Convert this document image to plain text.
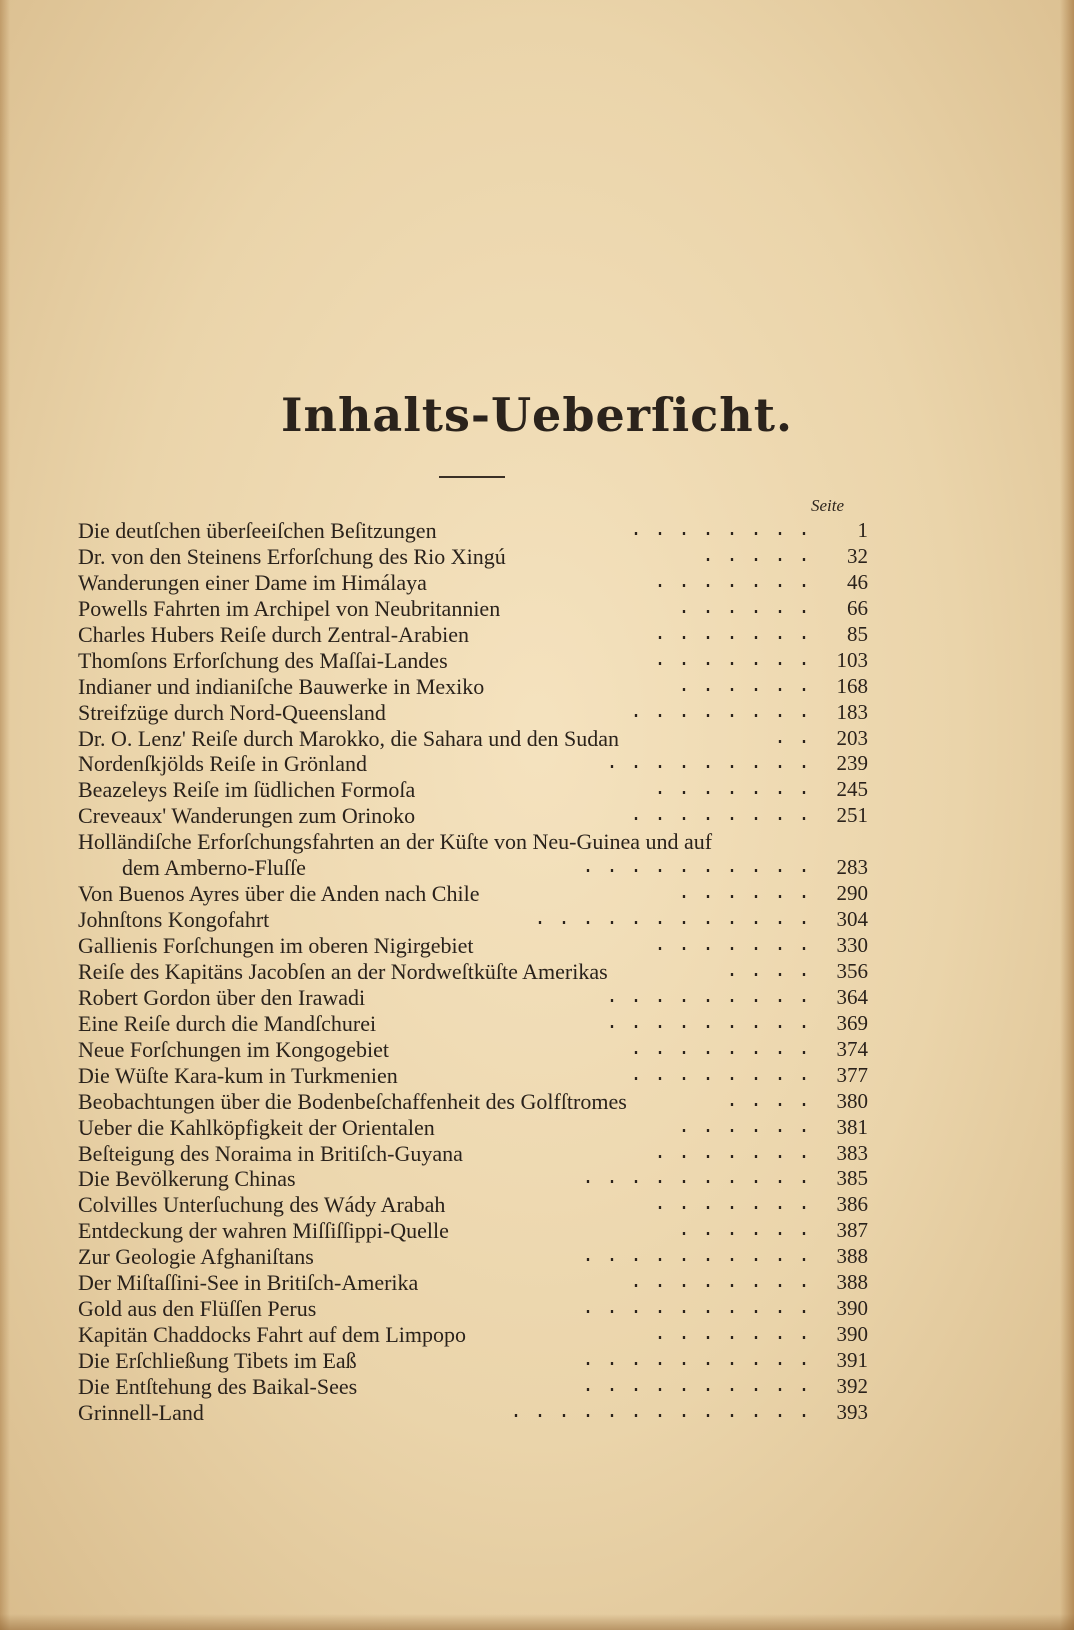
Inhalts-Ueberſicht.
Seite
Die deutſchen überſeeiſchen Beſitzungen	. . . . . . . .	1
Dr. von den Steinens Erforſchung des Rio Xingú	. . . . .	32
Wanderungen einer Dame im Himálaya	. . . . . . .	46
Powells Fahrten im Archipel von Neubritannien	. . . . . .	66
Charles Hubers Reiſe durch Zentral-Arabien	. . . . . . .	85
Thomſons Erforſchung des Maſſai-Landes	. . . . . . .	103
Indianer und indianiſche Bauwerke in Mexiko	. . . . . .	168
Streifzüge durch Nord-Queensland	. . . . . . . .	183
Dr. O. Lenz' Reiſe durch Marokko, die Sahara und den Sudan	. .	203
Nordenſkjölds Reiſe in Grönland	. . . . . . . . .	239
Beazeleys Reiſe im ſüdlichen Formoſa	. . . . . . .	245
Creveaux' Wanderungen zum Orinoko	. . . . . . . .	251
Holländiſche Erforſchungsfahrten an der Küſte von Neu-Guinea und auf
dem Amberno-Fluſſe	. . . . . . . . . .	283
Von Buenos Ayres über die Anden nach Chile	. . . . . .	290
Johnſtons Kongofahrt	. . . . . . . . . . . .	304
Gallienis Forſchungen im oberen Nigirgebiet	. . . . . . .	330
Reiſe des Kapitäns Jacobſen an der Nordweſtküſte Amerikas	. . . .	356
Robert Gordon über den Irawadi	. . . . . . . . .	364
Eine Reiſe durch die Mandſchurei	. . . . . . . . .	369
Neue Forſchungen im Kongogebiet	. . . . . . . .	374
Die Wüſte Kara-kum in Turkmenien	. . . . . . . .	377
Beobachtungen über die Bodenbeſchaffenheit des Golfſtromes	. . . .	380
Ueber die Kahlköpfigkeit der Orientalen	. . . . . .	381
Beſteigung des Noraima in Britiſch-Guyana	. . . . . . .	383
Die Bevölkerung Chinas	. . . . . . . . . .	385
Colvilles Unterſuchung des Wády Arabah	. . . . . . .	386
Entdeckung der wahren Miſſiſſippi-Quelle	. . . . . .	387
Zur Geologie Afghaniſtans	. . . . . . . . . .	388
Der Miſtaſſini-See in Britiſch-Amerika	. . . . . . . .	388
Gold aus den Flüſſen Perus	. . . . . . . . . .	390
Kapitän Chaddocks Fahrt auf dem Limpopo	. . . . . . .	390
Die Erſchließung Tibets im Eaß	. . . . . . . . . .	391
Die Entſtehung des Baikal-Sees	. . . . . . . . . .	392
Grinnell-Land	. . . . . . . . . . . . .	393
